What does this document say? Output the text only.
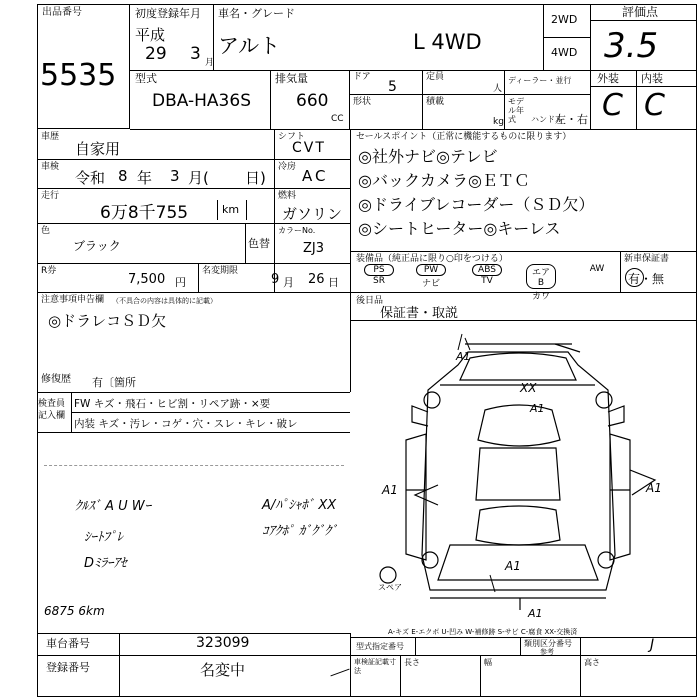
出品番号
5535
初度登録年月
平成
29 3 月
車名・グレード
アルト	L 4WD
2WD
4WD
評価点
3.5
型式
DBA-HA36S
排気量
660
CC
ドア
5
定員
人
形状	積載
kg
ディーラー・並行
モデル年式	ハンドル
左・右
外装 内装
C C
車歴
自家用
シフト
CVT
車検
令和 8 年 3 月( 日)
冷房 AC
走行
6万8千755	km
燃料
ガソリン
色
ブラック	色替
カラーNo.
ZJ3
R券
7,500 円
名変期限
9 月 26 日
セールスポイント（正常に機能するものに限ります）
◎社外ナビ◎テレビ
◎バックカメラ◎ＥＴＣ
◎ドライブレコーダー（ＳＤ欠）
◎シートヒーター◎キーレス
装備品（純正品に限り○印をつける）	新車保証書
有・無
PS
SR
PW
ナビ
ABS
TV
エアB
カワ
AW
注意事項申告欄 （不具合の内容は具体的に記載）
◎ドラレコＳＤ欠
修復歴 有〔箇所
後日品
保証書・取説
検査員記入欄
FW キズ・飛石・ヒビ割・リペア跡・×要
内装 キズ・汚レ・コゲ・穴・スレ・キレ・破レ
ｸﾙｽﾞ A U Wｰ
ｼｰﾄﾌﾟﾚ
Dﾐﾗｰｱｾ
A/ﾊﾟｼｬﾎﾞ XX
ｺｱｸﾎﾟ ｶﾞｸﾞｸﾞ
6875 6km
A1
XX
A1
A1	A1
A1
A1
スペア
A-キズ E-エクボ U-凹み W-補修跡 S-サビ C-腐食 XX-交換済
車台番号	323099
登録番号	名変中
型式指定番号	類別区分番号
参考	J
車検証記載寸法
長さ	幅	高さ
